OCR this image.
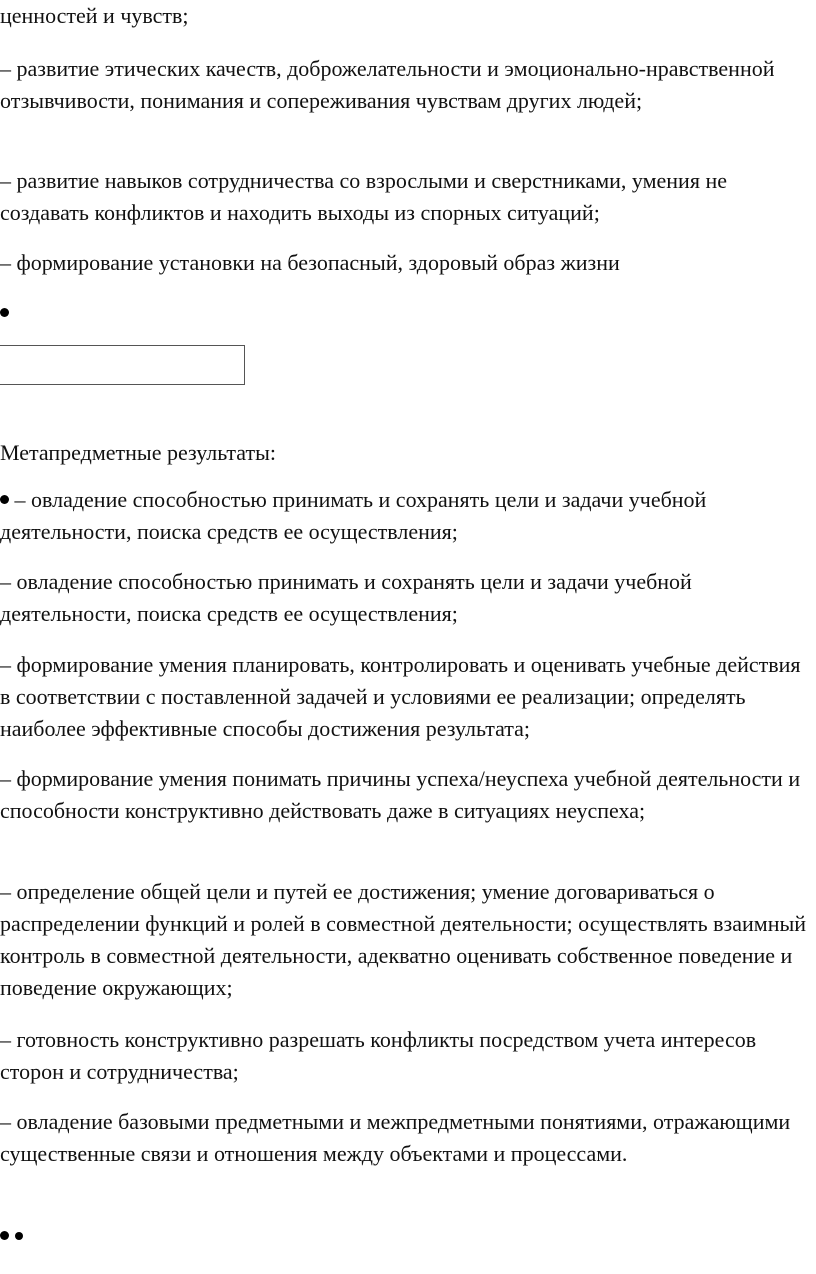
ценностей и чувств;

– развитие этических качеств, доброжелательности и эмоционально-нравственной отзывчивости, понимания и сопереживания чувствам других людей;

– развитие навыков сотрудничества со взрослыми и сверстниками, умения не создавать конфликтов и находить выходы из спорных ситуаций;

– формирование установки на безопасный, здоровый образ жизни

Метапредметные результаты:

– овладение способностью принимать и сохранять цели и задачи учебной деятельности, поиска средств ее осуществления;

– овладение способностью принимать и сохранять цели и задачи учебной деятельности, поиска средств ее осуществления;

– формирование умения планировать, контролировать и оценивать учебные действия в соответствии с поставленной задачей и условиями ее реализации; определять наиболее эффективные способы достижения результата;

– формирование умения понимать причины успеха/неуспеха учебной деятельности и способности конструктивно действовать даже в ситуациях неуспеха;

– определение общей цели и путей ее достижения; умение договариваться о распределении функций и ролей в совместной деятельности; осуществлять взаимный контроль в совместной деятельности, адекватно оценивать собственное поведение и поведение окружающих;

– готовность конструктивно разрешать конфликты посредством учета интересов сторон и сотрудничества;

– овладение базовыми предметными и межпредметными понятиями, отражающими существенные связи и отношения между объектами и процессами.
